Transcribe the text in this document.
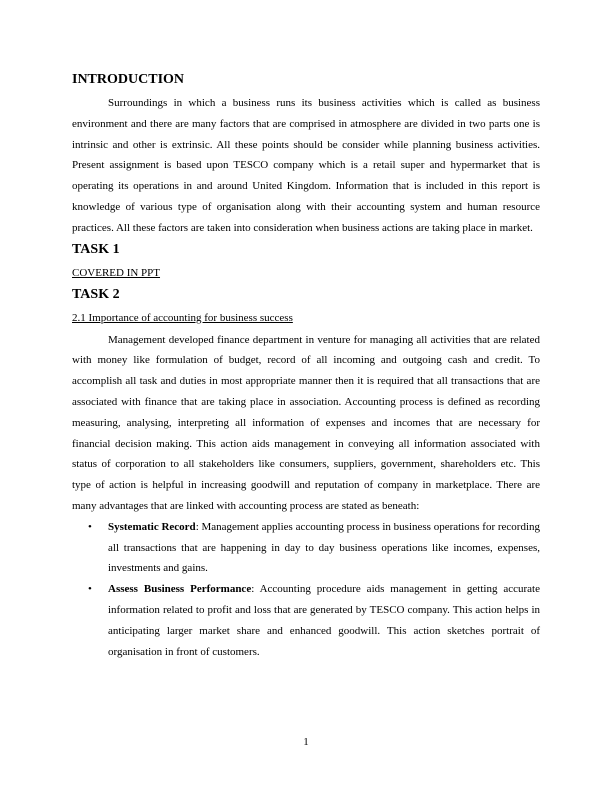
INTRODUCTION

Surroundings in which a business runs its business activities which is called as business environment and there are many factors that are comprised in atmosphere are divided in two parts one is intrinsic and other is extrinsic. All these points should be consider while planning business activities. Present assignment is based upon TESCO company which is a retail super and hypermarket that is operating its operations in and around United Kingdom. Information that is included in this report is knowledge of various type of organisation along with their accounting system and human resource practices. All these factors are taken into consideration when business actions are taking place in market.

TASK 1

COVERED IN PPT

TASK 2

2.1 Importance of accounting for business success

Management developed finance department in venture for managing all activities that are related with money like formulation of budget, record of all incoming and outgoing cash and credit. To accomplish all task and duties in most appropriate manner then it is required that all transactions that are associated with finance that are taking place in association. Accounting process is defined as recording measuring, analysing, interpreting all information of expenses and incomes that are necessary for financial decision making. This action aids management in conveying all information associated with status of corporation to all stakeholders like consumers, suppliers, government, shareholders etc. This type of action is helpful in increasing goodwill and reputation of company in marketplace. There are many advantages that are linked with accounting process are stated as beneath:

• Systematic Record: Management applies accounting process in business operations for recording all transactions that are happening in day to day business operations like incomes, expenses, investments and gains.
• Assess Business Performance: Accounting procedure aids management in getting accurate information related to profit and loss that are generated by TESCO company. This action helps in anticipating larger market share and enhanced goodwill. This action sketches portrait of organisation in front of customers.
1
